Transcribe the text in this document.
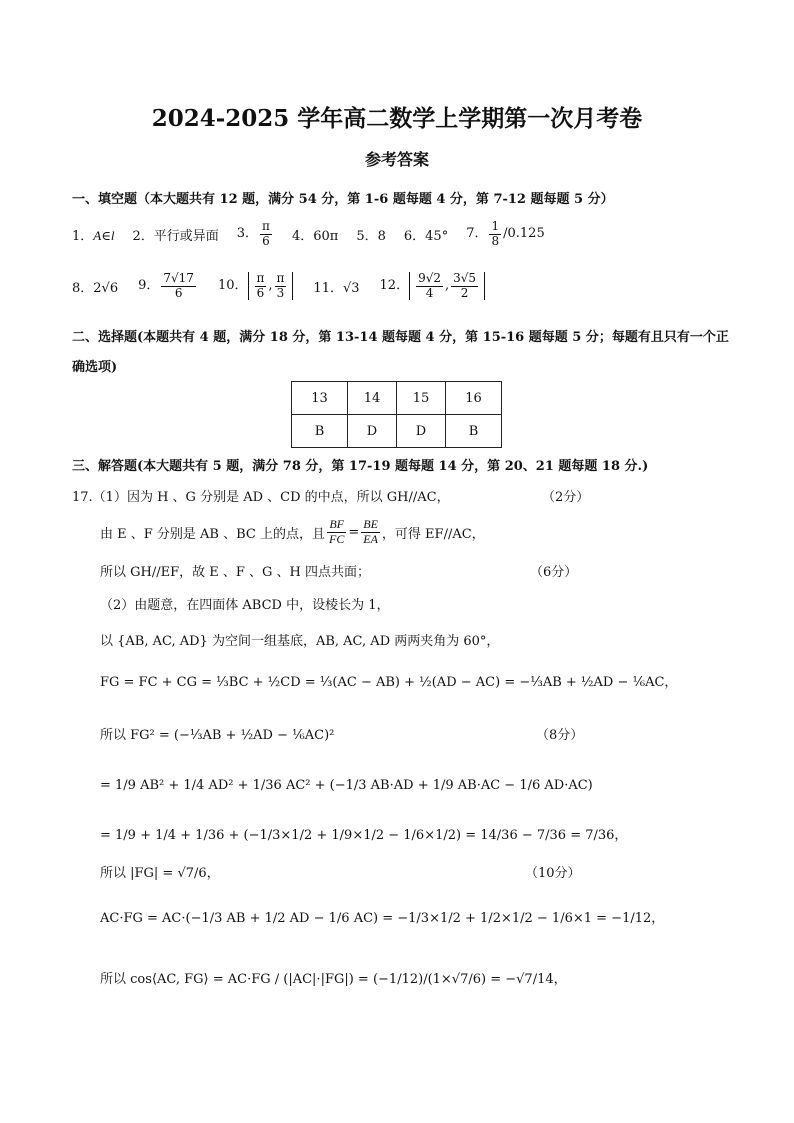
2024-2025 学年高二数学上学期第一次月考卷
参考答案
一、填空题（本大题共有 12 题，满分 54 分，第 1-6 题每题 4 分，第 7-12 题每题 5 分）
1．A∈l 2．平行或异面 3． $\frac{\pi}{6} 4$．60π 5．8 6．45° 7． $\frac{1}{8} /0.125$
8．2√6 9． $\frac{7√17}{6} 10$． $\frac{\pi}{6}$ , $\frac{\pi}{3} 11$．√3 12． $\frac{9√2}{4}$ , $\frac{3√5}{2}$
二、选择题(本题共有 4 题，满分 18 分，第 13-14 题每题 4 分，第 15-16 题每题 5 分；每题有且只有一个正
确选项)
13	14	15	16
B	D	D	B
三、解答题(本大题共有 5 题，满分 78 分，第 17-19 题每题 14 分，第 20、21 题每题 18 分.)
17.（1）因为 H 、G 分别是 AD 、CD 的中点，所以 GH//AC，	（2分）
由 E 、F 分别是 AB 、BC 上的点，且 $\frac{BF}{FC} = \frac{BE}{EA}$ ，可得 EF//AC，
所以 GH//EF，故 E 、F 、G 、H 四点共面；	（6分）
（2）由题意，在四面体 ABCD 中，设棱长为 1，
以 {AB, AC, AD} 为空间一组基底，AB, AC, AD 两两夹角为 60°，
FG = FC + CG = ⅓BC + ½CD = ⅓(AC − AB) + ½(AD − AC) = −⅓AB + ½AD − ⅙AC，
所以 FG² = (−⅓AB + ½AD − ⅙AC)²	（8分）
= 1/9 AB² + 1/4 AD² + 1/36 AC² + (−1/3 AB·AD + 1/9 AB·AC − 1/6 AD·AC)
= 1/9 + 1/4 + 1/36 + (−1/3×1/2 + 1/9×1/2 − 1/6×1/2) = 14/36 − 7/36 = 7/36，
所以 |FG| = √7/6，	（10分）
AC·FG = AC·(−1/3 AB + 1/2 AD − 1/6 AC) = −1/3×1/2 + 1/2×1/2 − 1/6×1 = −1/12，
所以 cos⟨AC, FG⟩ = AC·FG / (|AC|·|FG|) = (−1/12)/(1×√7/6) = −√7/14，
